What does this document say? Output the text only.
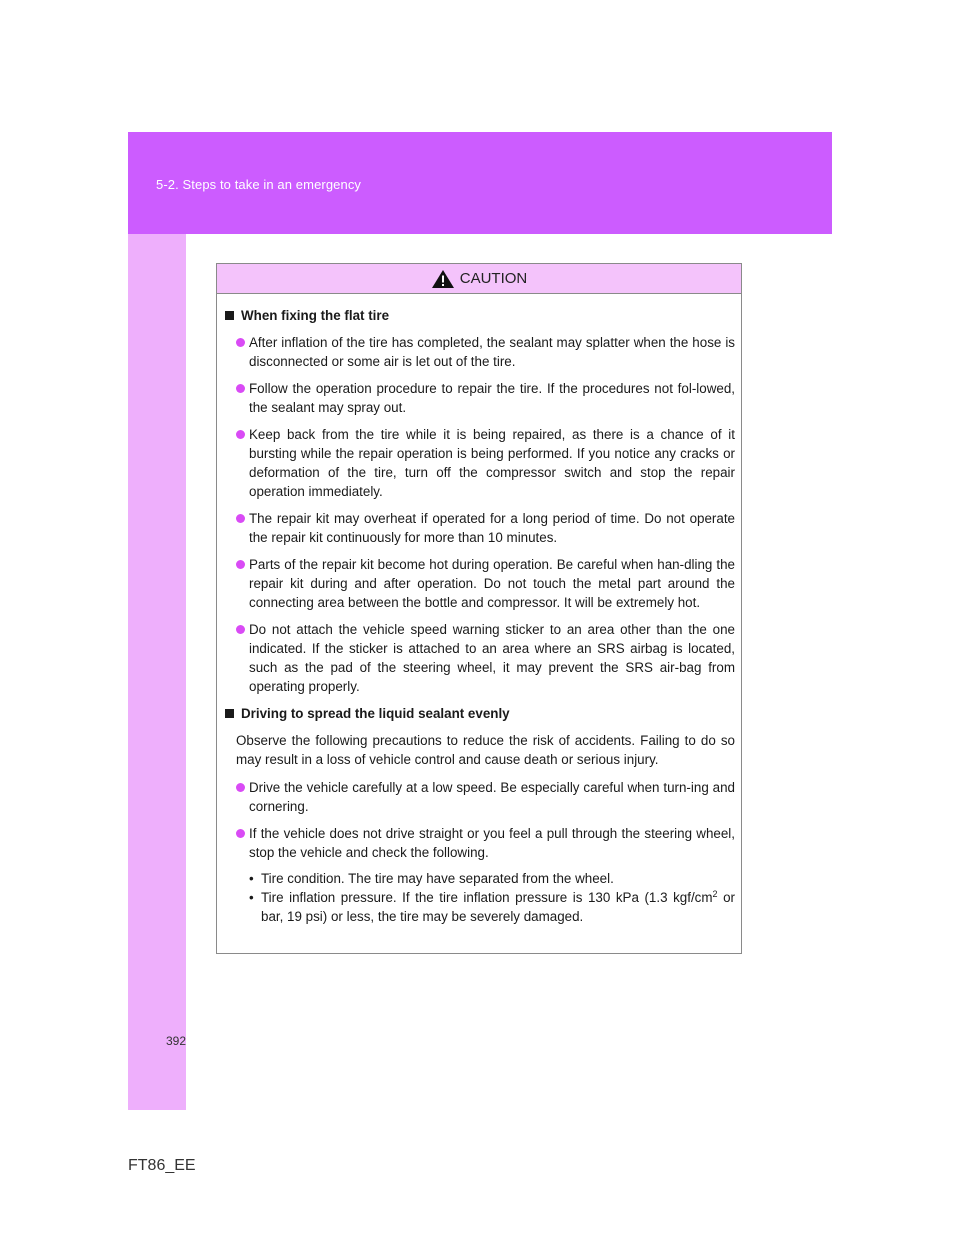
5-2. Steps to take in an emergency
CAUTION
When fixing the flat tire
After inflation of the tire has completed, the sealant may splatter when the hose is disconnected or some air is let out of the tire.
Follow the operation procedure to repair the tire. If the procedures not fol-lowed, the sealant may spray out.
Keep back from the tire while it is being repaired, as there is a chance of it bursting while the repair operation is being performed. If you notice any cracks or deformation of the tire, turn off the compressor switch and stop the repair operation immediately.
The repair kit may overheat if operated for a long period of time. Do not operate the repair kit continuously for more than 10 minutes.
Parts of the repair kit become hot during operation. Be careful when han-dling the repair kit during and after operation. Do not touch the metal part around the connecting area between the bottle and compressor. It will be extremely hot.
Do not attach the vehicle speed warning sticker to an area other than the one indicated. If the sticker is attached to an area where an SRS airbag is located, such as the pad of the steering wheel, it may prevent the SRS air-bag from operating properly.
Driving to spread the liquid sealant evenly
Observe the following precautions to reduce the risk of accidents. Failing to do so may result in a loss of vehicle control and cause death or serious injury.
Drive the vehicle carefully at a low speed. Be especially careful when turn-ing and cornering.
If the vehicle does not drive straight or you feel a pull through the steering wheel, stop the vehicle and check the following.
• Tire condition. The tire may have separated from the wheel.
• Tire inflation pressure. If the tire inflation pressure is 130 kPa (1.3 kgf/$cm^2$ or bar, 19 psi) or less, the tire may be severely damaged.
392
FT86_EE
